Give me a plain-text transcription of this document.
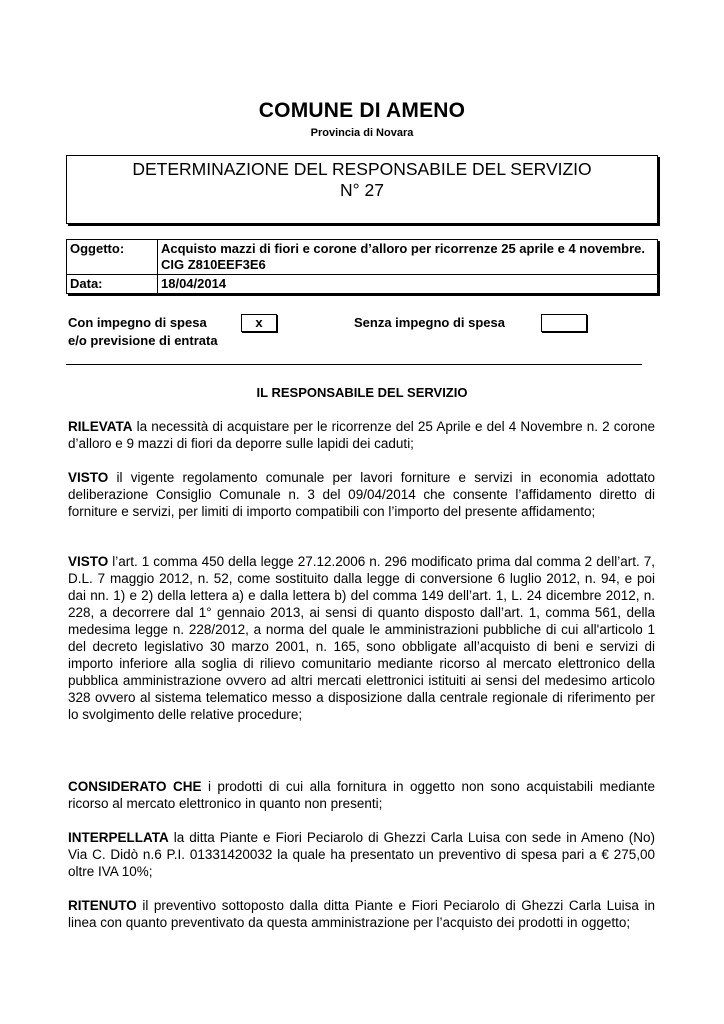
COMUNE DI AMENO
Provincia di Novara
DETERMINAZIONE DEL RESPONSABILE DEL SERVIZIO
N° 27
Oggetto:	Acquisto mazzi di fiori e corone d’alloro per ricorrenze 25 aprile e 4 novembre. CIG Z810EEF3E6
Data:	18/04/2014
Con impegno di spesa
e/o previsione di entrata
x	Senza impegno di spesa
IL RESPONSABILE DEL SERVIZIO

RILEVATA la necessità di acquistare per le ricorrenze del 25 Aprile e del 4 Novembre n. 2 corone d’alloro e 9 mazzi di fiori da deporre sulle lapidi dei caduti;

VISTO il vigente regolamento comunale per lavori forniture e servizi in economia adottato deliberazione Consiglio Comunale n. 3 del 09/04/2014 che consente l’affidamento diretto di forniture e servizi, per limiti di importo compatibili con l’importo del presente affidamento;

VISTO l’art. 1 comma 450 della legge 27.12.2006 n. 296 modificato prima dal comma 2 dell’art. 7, D.L. 7 maggio 2012, n. 52, come sostituito dalla legge di conversione 6 luglio 2012, n. 94, e poi dai nn. 1) e 2) della lettera a) e dalla lettera b) del comma 149 dell’art. 1, L. 24 dicembre 2012, n. 228, a decorrere dal 1° gennaio 2013, ai sensi di quanto disposto dall’art. 1, comma 561, della medesima legge n. 228/2012, a norma del quale le amministrazioni pubbliche di cui all'articolo 1 del decreto legislativo 30 marzo 2001, n. 165, sono obbligate all’acquisto di beni e servizi di importo inferiore alla soglia di rilievo comunitario mediante ricorso al mercato elettronico della pubblica amministrazione ovvero ad altri mercati elettronici istituiti ai sensi del medesimo articolo 328 ovvero al sistema telematico messo a disposizione dalla centrale regionale di riferimento per lo svolgimento delle relative procedure;

CONSIDERATO CHE i prodotti di cui alla fornitura in oggetto non sono acquistabili mediante ricorso al mercato elettronico in quanto non presenti;

INTERPELLATA la ditta Piante e Fiori Peciarolo di Ghezzi Carla Luisa con sede in Ameno (No) Via C. Didò n.6 P.I. 01331420032 la quale ha presentato un preventivo di spesa pari a € 275,00 oltre IVA 10%;

RITENUTO il preventivo sottoposto dalla ditta Piante e Fiori Peciarolo di Ghezzi Carla Luisa in linea con quanto preventivato da questa amministrazione per l’acquisto dei prodotti in oggetto;
